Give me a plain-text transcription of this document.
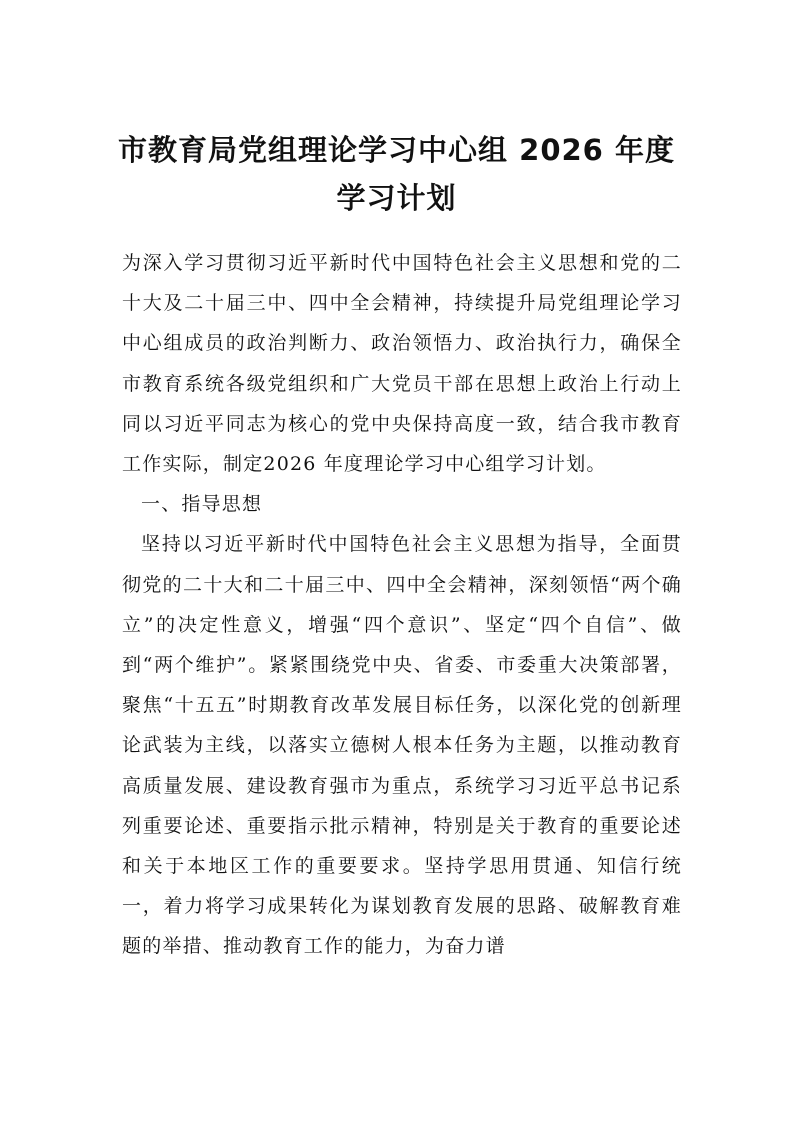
市教育局党组理论学习中心组 2026 年度学习计划

为深入学习贯彻习近平新时代中国特色社会主义思想和党的二十大及二十届三中、四中全会精神，持续提升局党组理论学习中心组成员的政治判断力、政治领悟力、政治执行力，确保全市教育系统各级党组织和广大党员干部在思想上政治上行动上同以习近平同志为核心的党中央保持高度一致，结合我市教育工作实际，制定2026 年度理论学习中心组学习计划。

一、指导思想

坚持以习近平新时代中国特色社会主义思想为指导，全面贯彻党的二十大和二十届三中、四中全会精神，深刻领悟“两个确立”的决定性意义，增强“四个意识”、坚定“四个自信”、做到“两个维护”。紧紧围绕党中央、省委、市委重大决策部署，聚焦“十五五”时期教育改革发展目标任务，以深化党的创新理论武装为主线，以落实立德树人根本任务为主题，以推动教育高质量发展、建设教育强市为重点，系统学习习近平总书记系列重要论述、重要指示批示精神，特别是关于教育的重要论述和关于本地区工作的重要要求。坚持学思用贯通、知信行统一，着力将学习成果转化为谋划教育发展的思路、破解教育难题的举措、推动教育工作的能力，为奋力谱
